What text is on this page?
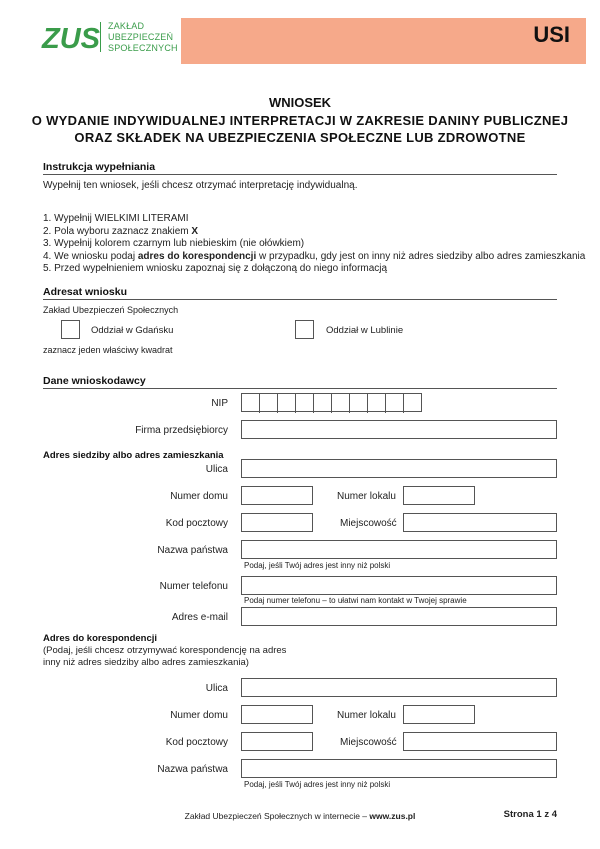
ZUS ZAKŁAD
UBEZPIECZEŃ
SPOŁECZNYCH
USI
WNIOSEK
O WYDANIE INDYWIDUALNEJ INTERPRETACJI W ZAKRESIE DANINY PUBLICZNEJ
ORAZ SKŁADEK NA UBEZPIECZENIA SPOŁECZNE LUB ZDROWOTNE
Instrukcja wypełniania
Wypełnij ten wniosek, jeśli chcesz otrzymać interpretację indywidualną.
1. Wypełnij WIELKIMI LITERAMI
2. Pola wyboru zaznacz znakiem X
3. Wypełnij kolorem czarnym lub niebieskim (nie ołówkiem)
4. We wniosku podaj adres do korespondencji w przypadku, gdy jest on inny niż adres siedziby albo adres zamieszkania
5. Przed wypełnieniem wniosku zapoznaj się z dołączoną do niego informacją
Adresat wniosku
Zakład Ubezpieczeń Społecznych
Oddział w Gdańsku	Oddział w Lublinie
zaznacz jeden właściwy kwadrat
Dane wnioskodawcy
NIP
Firma przedsiębiorcy
Adres siedziby albo adres zamieszkania
Ulica
Numer domu	Numer lokalu
Kod pocztowy	Miejscowość
Nazwa państwa
Podaj, jeśli Twój adres jest inny niż polski
Numer telefonu
Podaj numer telefonu – to ułatwi nam kontakt w Twojej sprawie
Adres e-mail
Adres do korespondencji
(Podaj, jeśli chcesz otrzymywać korespondencję na adres
inny niż adres siedziby albo adres zamieszkania)
Ulica
Numer domu	Numer lokalu
Kod pocztowy	Miejscowość
Nazwa państwa
Podaj, jeśli Twój adres jest inny niż polski
Zakład Ubezpieczeń Społecznych w internecie – www.zus.pl	Strona 1 z 4
